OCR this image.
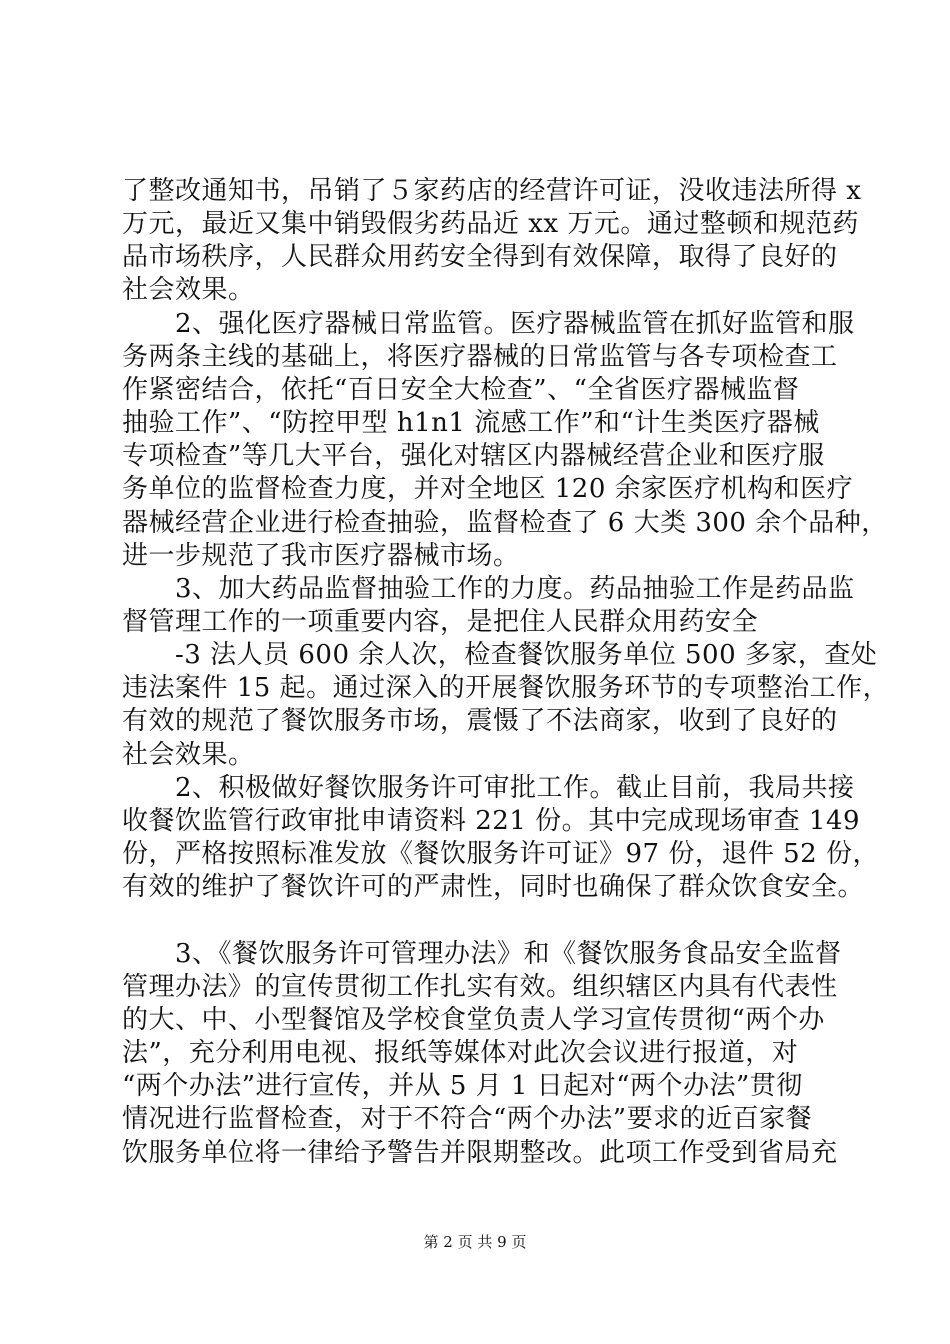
了整改通知书，吊销了５家药店的经营许可证，没收违法所得 x
万元，最近又集中销毁假劣药品近 xx 万元。通过整顿和规范药
品市场秩序，人民群众用药安全得到有效保障，取得了良好的
社会效果。
2、强化医疗器械日常监管。医疗器械监管在抓好监管和服
务两条主线的基础上，将医疗器械的日常监管与各专项检查工
作紧密结合，依托“百日安全大检查”、“全省医疗器械监督
抽验工作”、“防控甲型 h1n1 流感工作”和“计生类医疗器械
专项检查”等几大平台，强化对辖区内器械经营企业和医疗服
务单位的监督检查力度，并对全地区 120 余家医疗机构和医疗
器械经营企业进行检查抽验，监督检查了 6 大类 300 余个品种，
进一步规范了我市医疗器械市场。
3、加大药品监督抽验工作的力度。药品抽验工作是药品监
督管理工作的一项重要内容，是把住人民群众用药安全
-3 法人员 600 余人次，检查餐饮服务单位 500 多家，查处
违法案件 15 起。通过深入的开展餐饮服务环节的专项整治工作，
有效的规范了餐饮服务市场，震慑了不法商家，收到了良好的
社会效果。
2、积极做好餐饮服务许可审批工作。截止目前，我局共接
收餐饮监管行政审批申请资料 221 份。其中完成现场审查 149
份，严格按照标准发放《餐饮服务许可证》97 份，退件 52 份，
有效的维护了餐饮许可的严肃性，同时也确保了群众饮食安全。
3、《餐饮服务许可管理办法》和《餐饮服务食品安全监督
管理办法》的宣传贯彻工作扎实有效。组织辖区内具有代表性
的大、中、小型餐馆及学校食堂负责人学习宣传贯彻“两个办
法”，充分利用电视、报纸等媒体对此次会议进行报道，对
“两个办法”进行宣传，并从 5 月 1 日起对“两个办法”贯彻
情况进行监督检查，对于不符合“两个办法”要求的近百家餐
饮服务单位将一律给予警告并限期整改。此项工作受到省局充
第 2 页 共 9 页
